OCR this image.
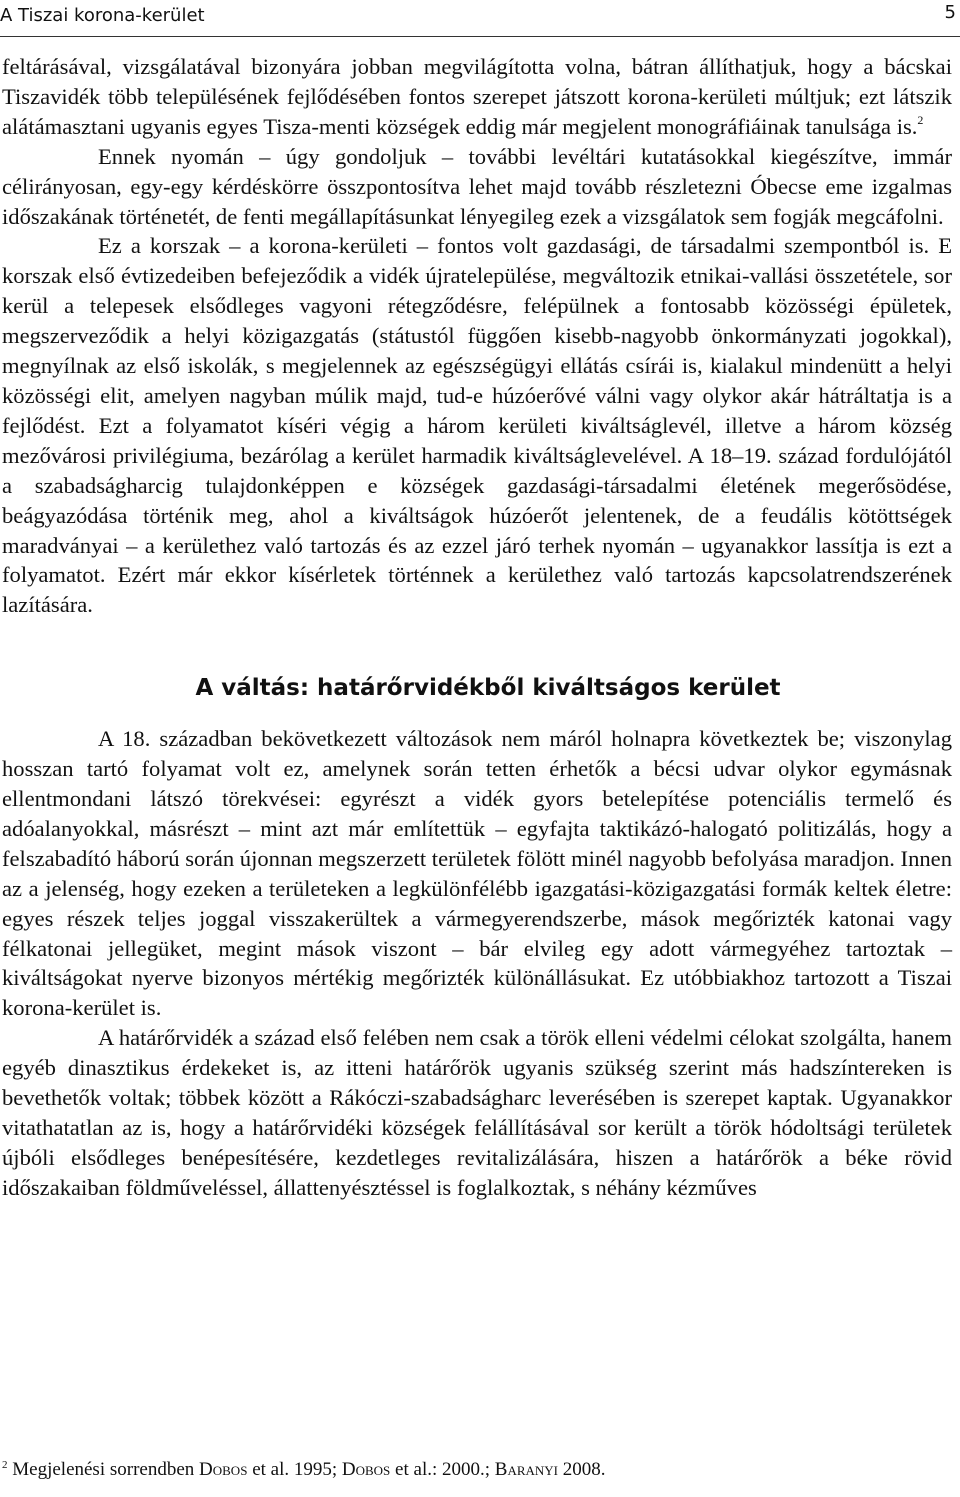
A Tiszai korona-kerület	5

feltárásával, vizsgálatával bizonyára jobban megvilágította volna, bátran állíthatjuk, hogy a bácskai Tiszavidék több településének fejlődésében fontos szerepet játszott korona-kerületi múltjuk; ezt látszik alátámasztani ugyanis egyes Tisza-menti községek eddig már megjelent monográfiáinak tanulsága is.$^2$

Ennek nyomán – úgy gondoljuk – további levéltári kutatásokkal kiegészítve, immár célirányosan, egy-egy kérdéskörre összpontosítva lehet majd tovább részletezni Óbecse eme izgalmas időszakának történetét, de fenti megállapításunkat lényegileg ezek a vizsgálatok sem fogják megcáfolni.

Ez a korszak – a korona-kerületi – fontos volt gazdasági, de társadalmi szempontból is. E korszak első évtizedeiben befejeződik a vidék újratelepülése, megváltozik etnikai-vallási összetétele, sor kerül a telepesek elsődleges vagyoni rétegződésre, felépülnek a fontosabb közösségi épületek, megszerveződik a helyi közigazgatás (státustól függően kisebb-nagyobb önkormányzati jogokkal), megnyílnak az első iskolák, s megjelennek az egészségügyi ellátás csírái is, kialakul mindenütt a helyi közösségi elit, amelyen nagyban múlik majd, tud-e húzóerővé válni vagy olykor akár hátráltatja is a fejlődést. Ezt a folyamatot kíséri végig a három kerületi kiváltságlevél, illetve a három község mezővárosi privilégiuma, bezárólag a kerület harmadik kiváltságlevelével. A 18–19. század fordulójától a szabadságharcig tulajdonképpen e községek gazdasági-társadalmi életének megerősödése, beágyazódása történik meg, ahol a kiváltságok húzóerőt jelentenek, de a feudális kötöttségek maradványai – a kerülethez való tartozás és az ezzel járó terhek nyomán – ugyanakkor lassítja is ezt a folyamatot. Ezért már ekkor kísérletek történnek a kerülethez való tartozás kapcsolatrendszerének lazítására.

A váltás: határőrvidékből kiváltságos kerület

A 18. században bekövetkezett változások nem máról holnapra következtek be; viszonylag hosszan tartó folyamat volt ez, amelynek során tetten érhetők a bécsi udvar olykor egymásnak ellentmondani látszó törekvései: egyrészt a vidék gyors betelepítése potenciális termelő és adóalanyokkal, másrészt – mint azt már említettük – egyfajta taktikázó-halogató politizálás, hogy a felszabadító háború során újonnan megszerzett területek fölött minél nagyobb befolyása maradjon. Innen az a jelenség, hogy ezeken a területeken a legkülönfélébb igazgatási-közigazgatási formák keltek életre: egyes részek teljes joggal visszakerültek a vármegyerendszerbe, mások megőrizték katonai vagy félkatonai jellegüket, megint mások viszont – bár elvileg egy adott vármegyéhez tartoztak – kiváltságokat nyerve bizonyos mértékig megőrizték különállásukat. Ez utóbbiakhoz tartozott a Tiszai korona-kerület is.

A határőrvidék a század első felében nem csak a török elleni védelmi célokat szolgálta, hanem egyéb dinasztikus érdekeket is, az itteni határőrök ugyanis szükség szerint más hadszíntereken is bevethetők voltak; többek között a Rákóczi-szabadságharc leverésében is szerepet kaptak. Ugyanakkor vitathatatlan az is, hogy a határőrvidéki községek felállításával sor került a török hódoltsági területek újbóli elsődleges benépesítésére, kezdetleges revitalizálására, hiszen a határőrök a béke rövid időszakaiban földműveléssel, állattenyésztéssel is foglalkoztak, s néhány kézműves

$^2$ Megjelenési sorrendben Dobos et al. 1995; Dobos et al.: 2000.; Baranyi 2008.
